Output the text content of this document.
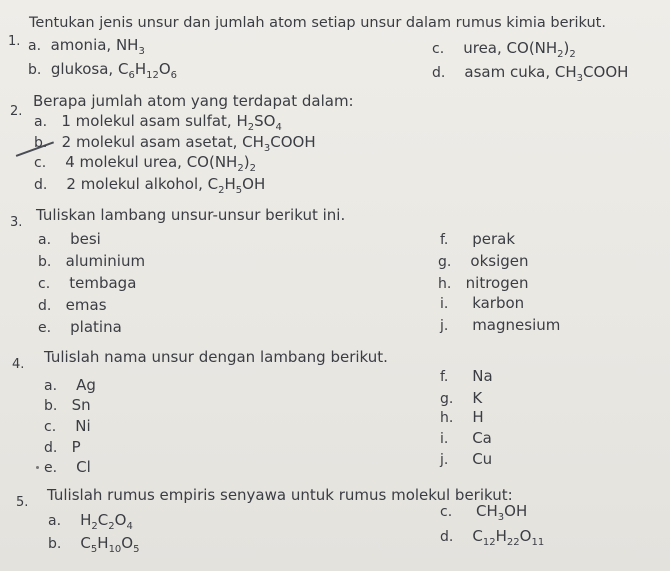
1.
Tentukan jenis unsur dan jumlah atom setiap unsur dalam rumus kimia berikut.
a. amonia, $NH_3$
b. glukosa, $C_6H_{12}O_6$
c. urea, $CO(NH_2)_2$
d. asam cuka, $CH_3COOH$
2.
Berapa jumlah atom yang terdapat dalam:
a. 1 molekul asam sulfat, $H_2SO_4$
b. 2 molekul asam asetat, $CH_3COOH$
c. 4 molekul urea, $CO(NH_2)_2$
d. 2 molekul alkohol, $C_2H_5OH$
3. Tuliskan lambang unsur-unsur berikut ini.
a. besi
b. aluminium
c. tembaga
d. emas
e. platina
f. perak
g. oksigen
h. nitrogen
i. karbon
j. magnesium
4. Tulislah nama unsur dengan lambang berikut.
a. Ag
b. Sn
c. Ni
d. P
e. Cl
f. Na
g. K
h. H
i. Ca
j. Cu
5. Tulislah rumus empiris senyawa untuk rumus molekul berikut:
a. $H_2C_2O_4$
b. $C_5H_{10}O_5$
c. $CH_3OH$
d. $C_{12}H_{22}O_{11}$
